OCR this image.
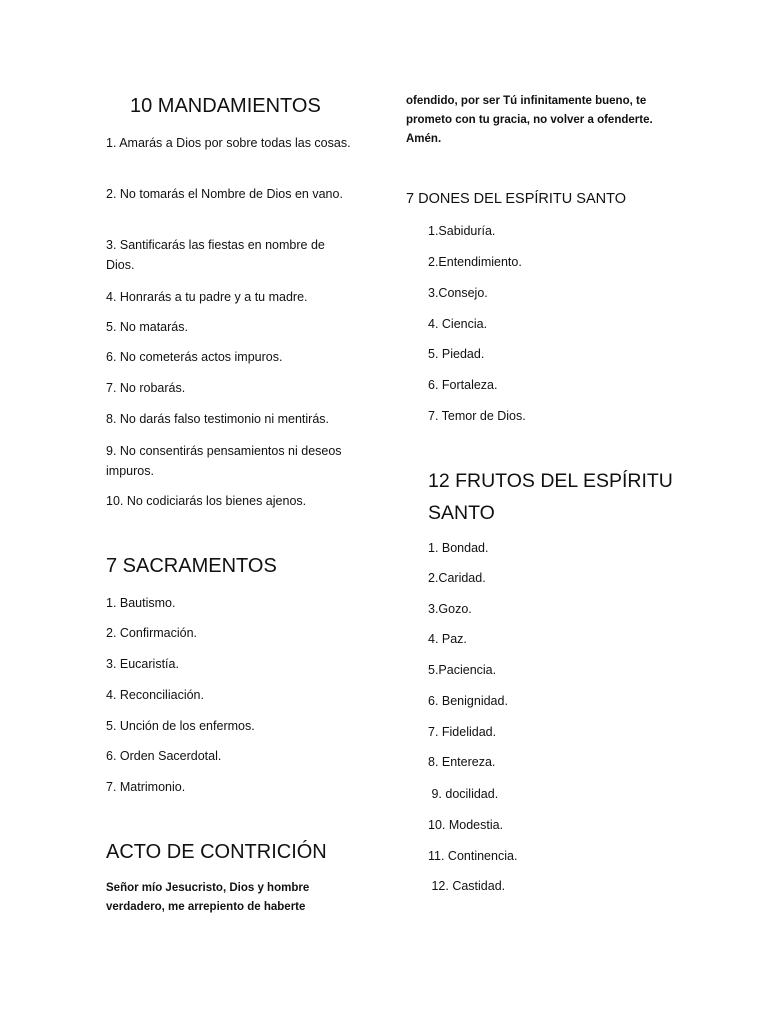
10 MANDAMIENTOS
1. Amarás a Dios por sobre todas las cosas.
2. No tomarás el Nombre de Dios en vano.
3. Santificarás las fiestas en nombre de Dios.
4. Honrarás a tu padre y a tu madre.
5. No matarás.
6. No cometerás actos impuros.
7. No robarás.
8. No darás falso testimonio ni mentirás.
9. No consentirás pensamientos ni deseos impuros.
10. No codiciarás los bienes ajenos.
7 SACRAMENTOS
1. Bautismo.
2. Confirmación.
3. Eucaristía.
4. Reconciliación.
5. Unción de los enfermos.
6. Orden Sacerdotal.
7. Matrimonio.
ACTO DE CONTRICIÓN
Señor mío Jesucristo, Dios y hombre verdadero, me arrepiento de haberte
ofendido, por ser Tú infinitamente bueno, te prometo con tu gracia, no volver a ofenderte. Amén.
7 DONES DEL ESPÍRITU SANTO
1.Sabiduría.
2.Entendimiento.
3.Consejo.
4. Ciencia.
5. Piedad.
6. Fortaleza.
7. Temor de Dios.
12 FRUTOS DEL ESPÍRITU SANTO
1. Bondad.
2.Caridad.
3.Gozo.
4. Paz.
5.Paciencia.
6. Benignidad.
7. Fidelidad.
8. Entereza.
9. docilidad.
10. Modestia.
11. Continencia.
12. Castidad.
